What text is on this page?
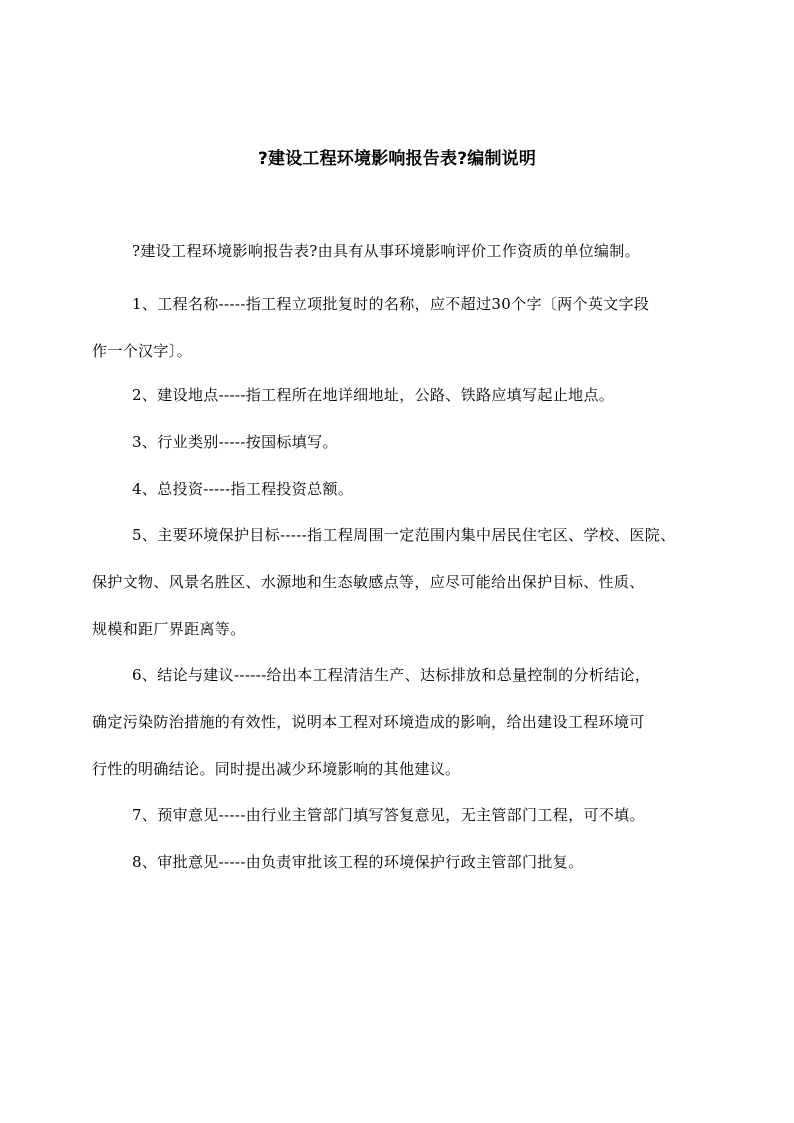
?建设工程环境影响报告表?编制说明
?建设工程环境影响报告表?由具有从事环境影响评价工作资质的单位编制。
1、工程名称-----指工程立项批复时的名称，应不超过30个字〔两个英文字段
作一个汉字〕。
2、建设地点-----指工程所在地详细地址，公路、铁路应填写起止地点。
3、行业类别-----按国标填写。
4、总投资-----指工程投资总额。
5、主要环境保护目标-----指工程周围一定范围内集中居民住宅区、学校、医院、
保护文物、风景名胜区、水源地和生态敏感点等，应尽可能给出保护目标、性质、
规模和距厂界距离等。
6、结论与建议------给出本工程清洁生产、达标排放和总量控制的分析结论，
确定污染防治措施的有效性，说明本工程对环境造成的影响，给出建设工程环境可
行性的明确结论。同时提出减少环境影响的其他建议。
7、预审意见-----由行业主管部门填写答复意见，无主管部门工程，可不填。
8、审批意见-----由负责审批该工程的环境保护行政主管部门批复。
